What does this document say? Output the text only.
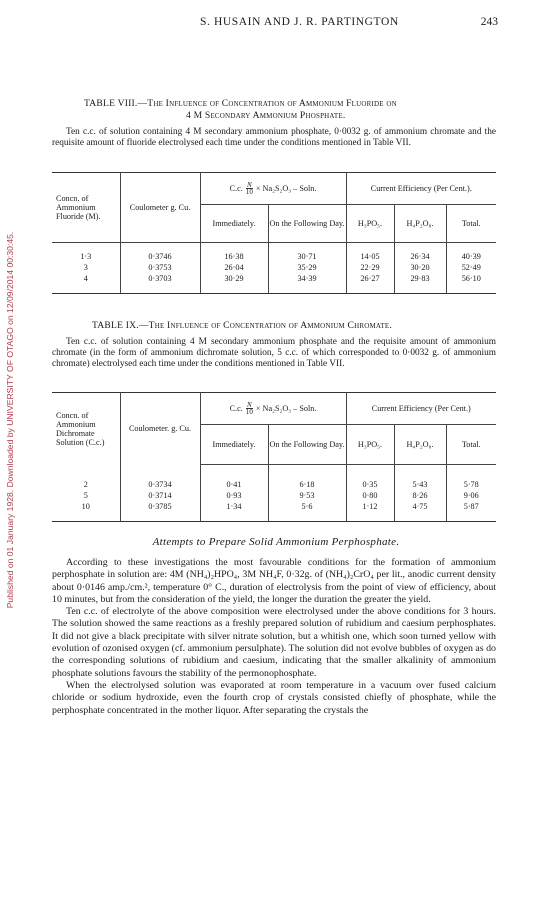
Published on 01 January 1928. Downloaded by UNIVERSITY OF OTAGO on 12/09/2014 00:30:45.
S. HUSAIN AND J. R. PARTINGTON	243
TABLE VIII.—The Influence of Concentration of Ammonium Fluoride on
4 M Secondary Ammonium Phosphate.

Ten c.c. of solution containing 4 M secondary ammonium phosphate, 0·0032 g. of ammonium chromate and the requisite amount of fluoride electrolysed each time under the conditions mentioned in Table VII.

Concn. of Ammonium Fluoride (M).	Coulometer g. Cu.	C.c. $\frac{N}{10} \times Na_2S_2O_3 - Soln$.		Current Efficiency (Per Cent.).		
		Immediately.	On the Following Day.	H₃PO₅.	H₄P₂O₈.	Total.

1·3	0·3746	16·38	30·71	14·05	26·34	40·39
3	0·3753	26·04	35·29	22·29	30·20	52·49
4	0·3703	30·29	34·39	26·27	29·83	56·10

TABLE IX.—The Influence of Concentration of Ammonium Chromate.

Ten c.c. of solution containing 4 M secondary ammonium phosphate and the requisite amount of ammonium chromate (in the form of ammonium dichromate solution, 5 c.c. of which corresponded to 0·0032 g. of ammonium chromate) electrolysed each time under the conditions mentioned in Table VII.

Concn. of Ammonium Dichromate Solution (C.c.)	Coulometer. g. Cu.	C.c. $\frac{N}{10} \times Na_2S_2O_3 - Soln$.		Current Efficiency (Per Cent.)		
		Immediately.	On the Following Day.	H₃PO₅.	H₄P₂O₈.	Total.

2	0·3734	0·41	6·18	0·35	5·43	5·78
5	0·3714	0·93	9·53	0·80	8·26	9·06
10	0·3785	1·34	5·6	1·12	4·75	5·87

Attempts to Prepare Solid Ammonium Perphosphate.

According to these investigations the most favourable conditions for the formation of ammonium perphosphate in solution are: 4M (NH₄)₂HPO₄, 3M NH₄F, 0·32g. of (NH₄)₂CrO₄ per lit., anodic current density about 0·0146 amp./cm.², temperature 0° C., duration of electrolysis from the point of view of efficiency, about 10 minutes, but from the consideration of the yield, the longer the duration the greater the yield.

Ten c.c. of electrolyte of the above composition were electrolysed under the above conditions for 3 hours. The solution showed the same reactions as a freshly prepared solution of rubidium and caesium perphosphates. It did not give a black precipitate with silver nitrate solution, but a whitish one, which soon turned yellow with evolution of ozonised oxygen (cf. ammonium persulphate). The solution did not evolve bubbles of oxygen as do the corresponding solutions of rubidium and caesium, indicating that the smaller alkalinity of ammonium phosphate solutions favours the stability of the permonophosphate.

When the electrolysed solution was evaporated at room temperature in a vacuum over fused calcium chloride or sodium hydroxide, even the fourth crop of crystals consisted chiefly of phosphate, while the perphosphate concentrated in the mother liquor. After separating the crystals the
